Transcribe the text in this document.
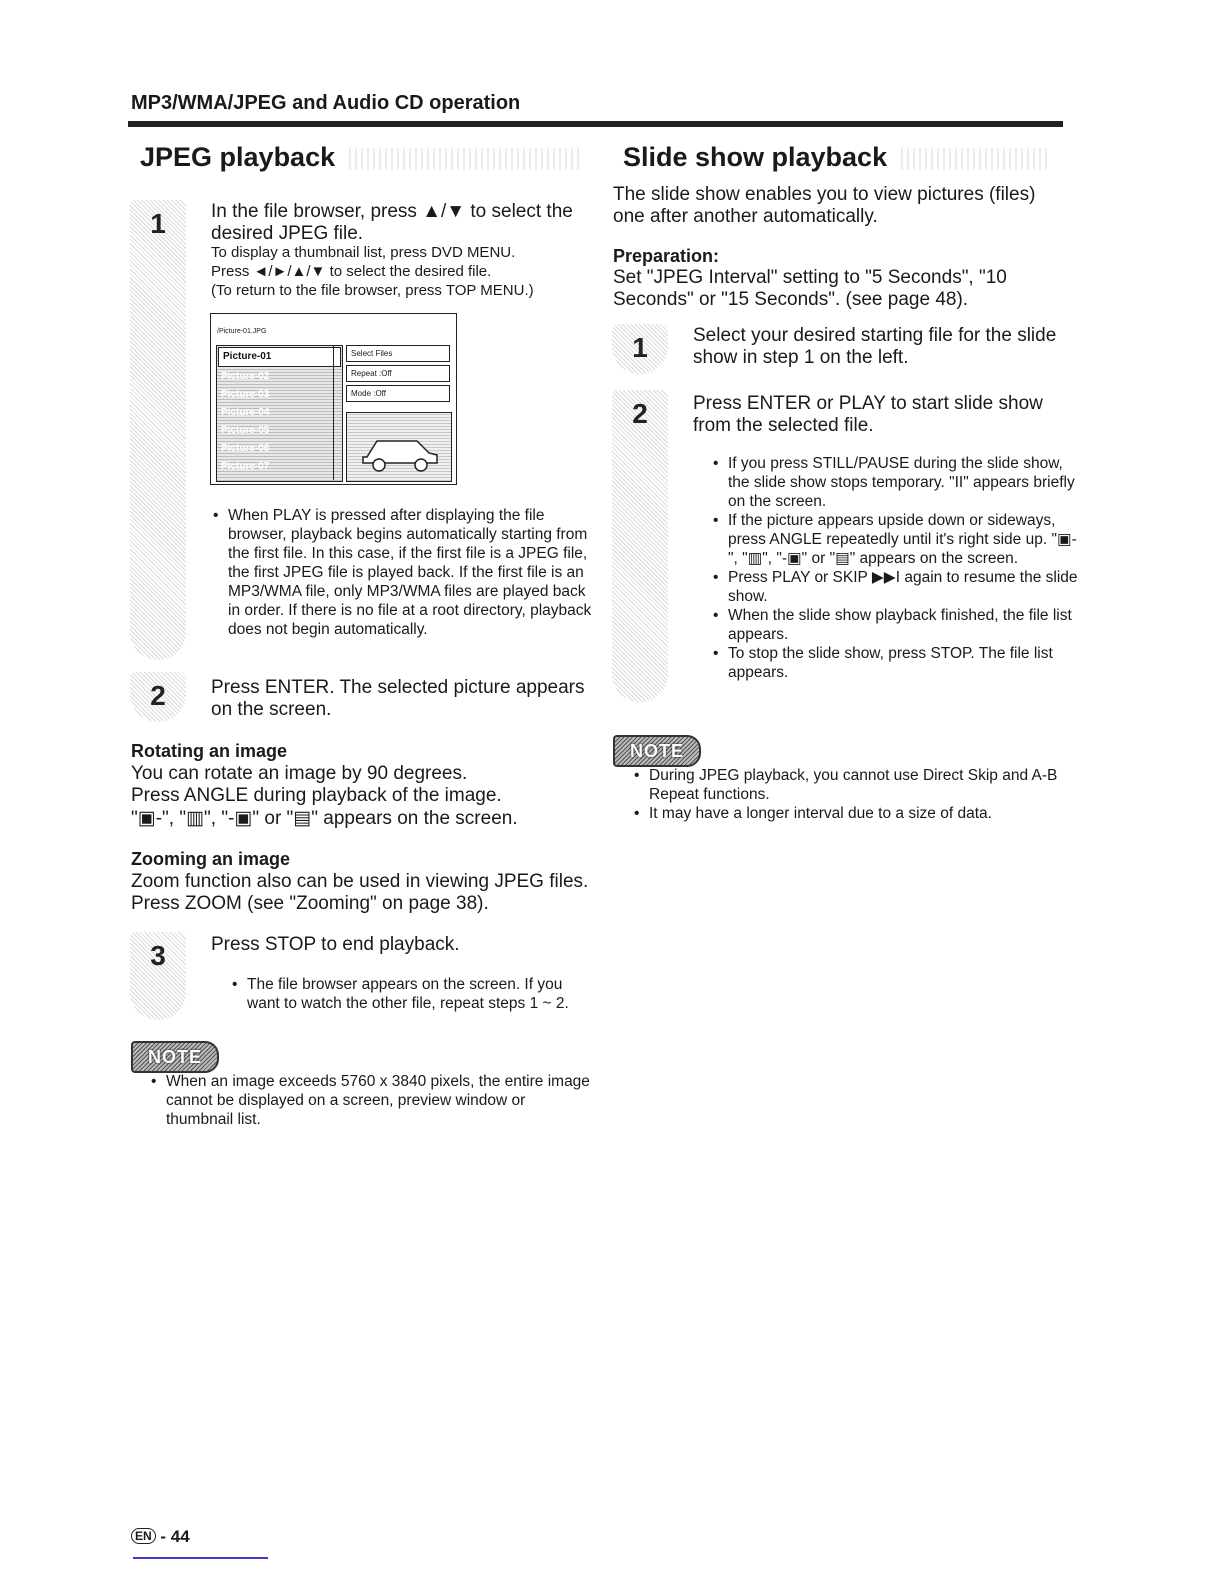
MP3/WMA/JPEG and Audio CD operation
JPEG playback
1 In the file browser, press ▲/▼ to select the desired JPEG file.
To display a thumbnail list, press DVD MENU.
Press ◄/►/▲/▼ to select the desired file.
(To return to the file browser, press TOP MENU.)
/Picture-01.JPG
Picture-01
Picture-02
Picture-03
Picture-04
Picture-05
Picture-06
Picture-07
Select Files
Repeat :Off
Mode :Off
• When PLAY is pressed after displaying the file browser, playback begins automatically starting from the first file. In this case, if the first file is a JPEG file, the first JPEG file is played back. If the first file is an MP3/WMA file, only MP3/WMA files are played back in order. If there is no file at a root directory, playback does not begin automatically.
2 Press ENTER. The selected picture appears on the screen.
Rotating an image
You can rotate an image by 90 degrees.
Press ANGLE during playback of the image.
"▣-", "▥", "-▣" or "▤" appears on the screen.
Zooming an image
Zoom function also can be used in viewing JPEG files.
Press ZOOM (see "Zooming" on page 38).
3 Press STOP to end playback.
• The file browser appears on the screen. If you want to watch the other file, repeat steps 1 ~ 2.
NOTE
• When an image exceeds 5760 x 3840 pixels, the entire image cannot be displayed on a screen, preview window or thumbnail list.
Slide show playback
The slide show enables you to view pictures (files) one after another automatically.
Preparation:
Set "JPEG Interval" setting to "5 Seconds", "10 Seconds" or "15 Seconds". (see page 48).
1 Select your desired starting file for the slide show in step 1 on the left.
2 Press ENTER or PLAY to start slide show from the selected file.
• If you press STILL/PAUSE during the slide show, the slide show stops temporary. "II" appears briefly on the screen.
• If the picture appears upside down or sideways, press ANGLE repeatedly until it's right side up. "▣-", "▥", "-▣" or "▤" appears on the screen.
• Press PLAY or SKIP ▶▶I again to resume the slide show.
• When the slide show playback finished, the file list appears.
• To stop the slide show, press STOP. The file list appears.
NOTE
• During JPEG playback, you cannot use Direct Skip and A-B Repeat functions.
• It may have a longer interval due to a size of data.
EN - 44
